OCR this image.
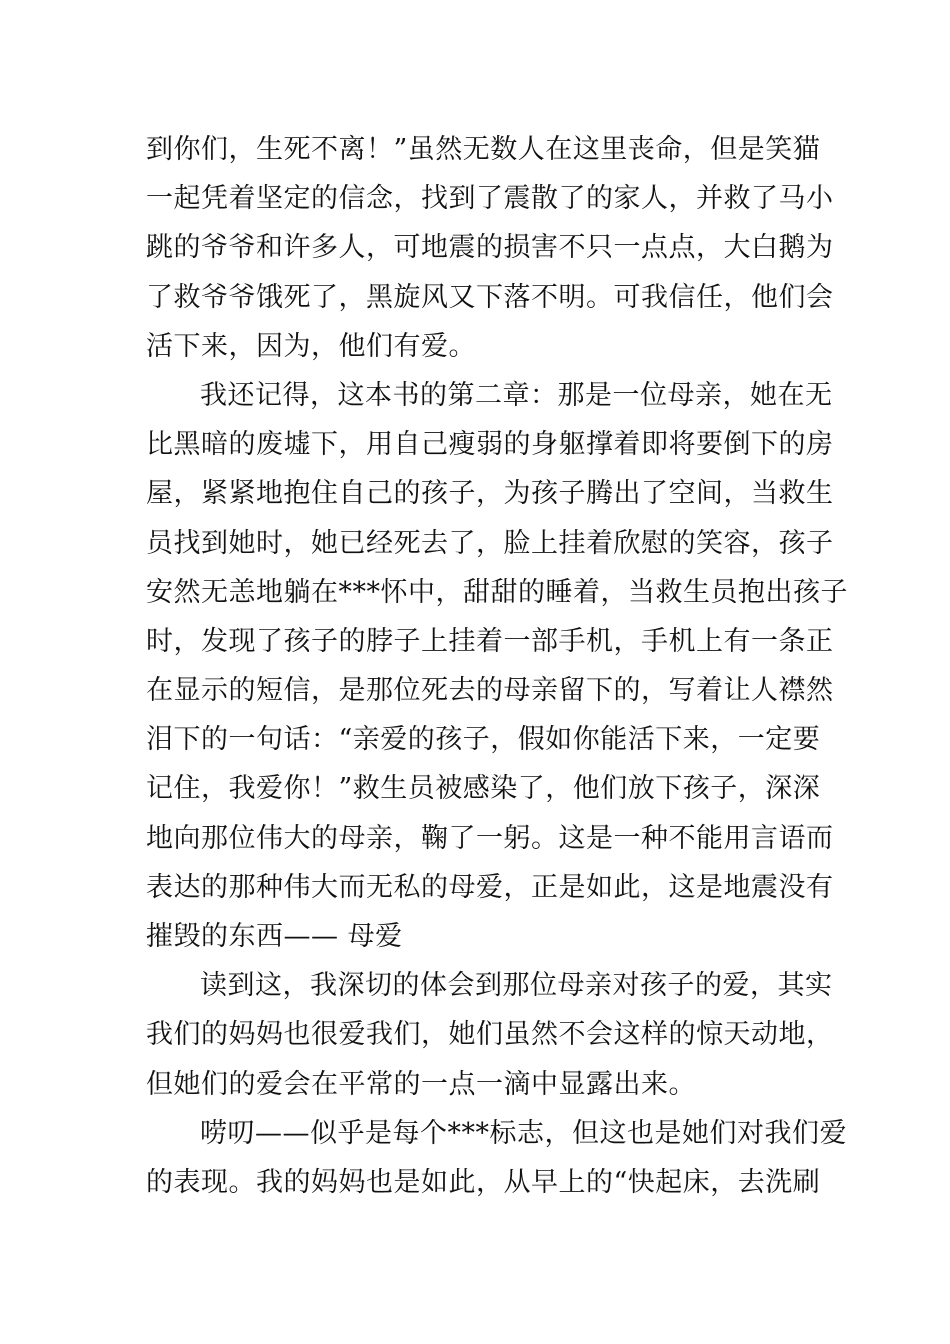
到你们，生死不离！”虽然无数人在这里丧命，但是笑猫
一起凭着坚定的信念，找到了震散了的家人，并救了马小
跳的爷爷和许多人，可地震的损害不只一点点，大白鹅为
了救爷爷饿死了，黑旋风又下落不明。可我信任，他们会
活下来，因为，他们有爱。
我还记得，这本书的第二章：那是一位母亲，她在无
比黑暗的废墟下，用自己瘦弱的身躯撑着即将要倒下的房
屋，紧紧地抱住自己的孩子，为孩子腾出了空间，当救生
员找到她时，她已经死去了，脸上挂着欣慰的笑容，孩子
安然无恙地躺在***怀中，甜甜的睡着，当救生员抱出孩子
时，发现了孩子的脖子上挂着一部手机，手机上有一条正
在显示的短信，是那位死去的母亲留下的，写着让人襟然
泪下的一句话：“亲爱的孩子，假如你能活下来，一定要
记住，我爱你！”救生员被感染了，他们放下孩子，深深
地向那位伟大的母亲，鞠了一躬。这是一种不能用言语而
表达的那种伟大而无私的母爱，正是如此，这是地震没有
摧毁的东西—— 母爱
读到这，我深切的体会到那位母亲对孩子的爱，其实
我们的妈妈也很爱我们，她们虽然不会这样的惊天动地，
但她们的爱会在平常的一点一滴中显露出来。
唠叨——似乎是每个***标志，但这也是她们对我们爱
的表现。我的妈妈也是如此，从早上的“快起床，去洗刷
